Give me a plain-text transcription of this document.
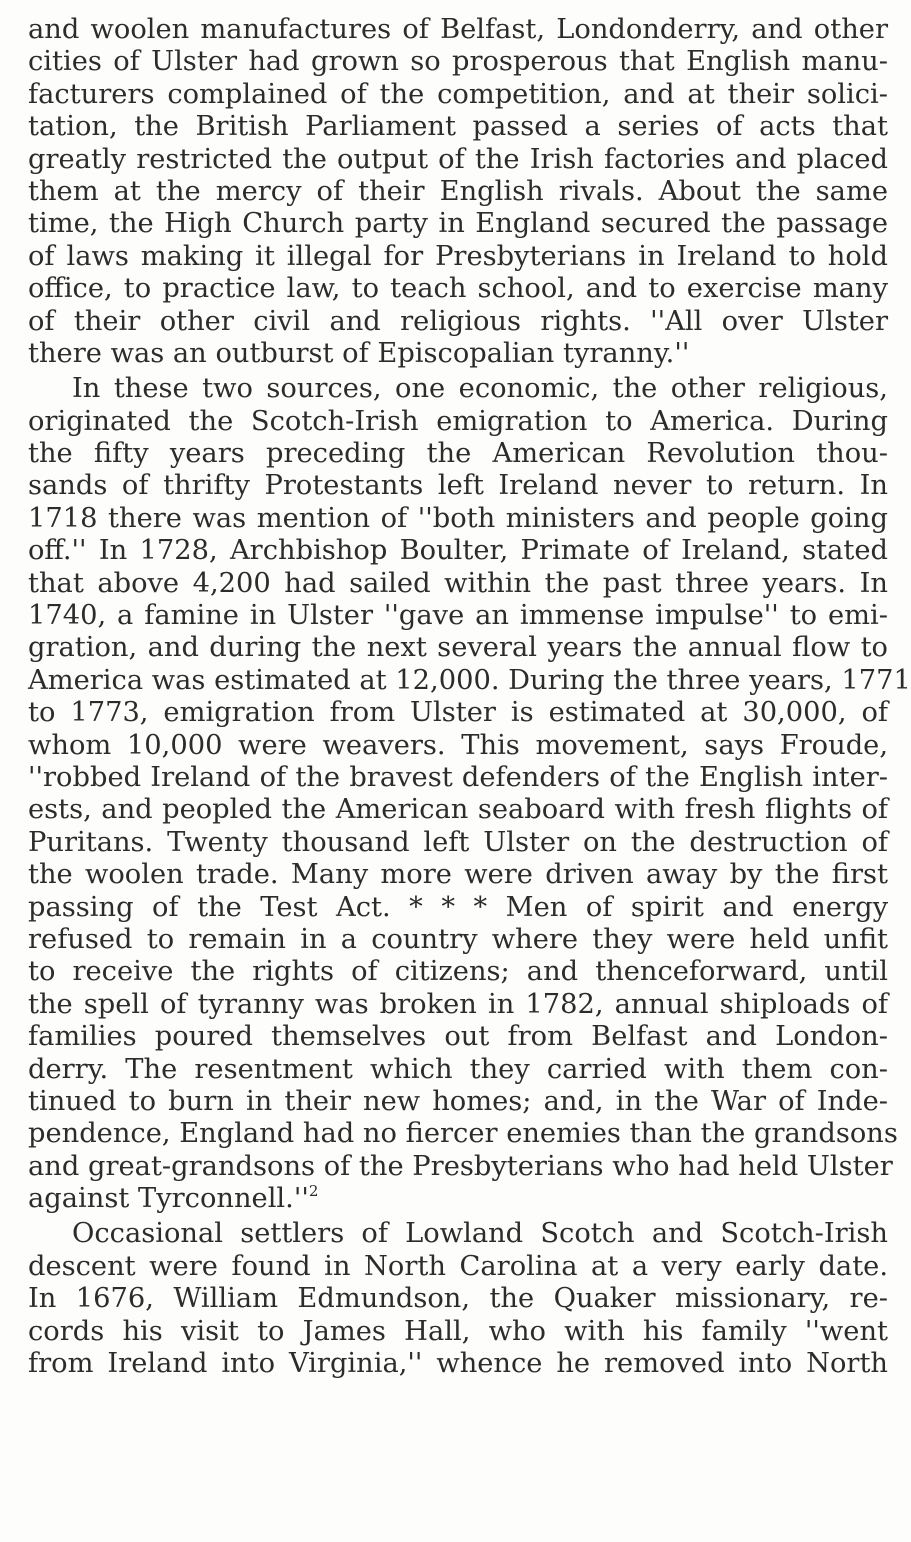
and woolen manufactures of Belfast, Londonderry, and other
cities of Ulster had grown so prosperous that English manu-
facturers complained of the competition, and at their solici-
tation, the British Parliament passed a series of acts that
greatly restricted the output of the Irish factories and placed
them at the mercy of their English rivals. About the same
time, the High Church party in England secured the passage
of laws making it illegal for Presbyterians in Ireland to hold
office, to practice law, to teach school, and to exercise many
of their other civil and religious rights. ''All over Ulster
there was an outburst of Episcopalian tyranny.''
In these two sources, one economic, the other religious,
originated the Scotch-Irish emigration to America. During
the fifty years preceding the American Revolution thou-
sands of thrifty Protestants left Ireland never to return. In
1718 there was mention of ''both ministers and people going
off.'' In 1728, Archbishop Boulter, Primate of Ireland, stated
that above 4,200 had sailed within the past three years. In
1740, a famine in Ulster ''gave an immense impulse'' to emi-
gration, and during the next several years the annual flow to
America was estimated at 12,000. During the three years, 1771
to 1773, emigration from Ulster is estimated at 30,000, of
whom 10,000 were weavers. This movement, says Froude,
''robbed Ireland of the bravest defenders of the English inter-
ests, and peopled the American seaboard with fresh flights of
Puritans. Twenty thousand left Ulster on the destruction of
the woolen trade. Many more were driven away by the first
passing of the Test Act. * * * Men of spirit and energy
refused to remain in a country where they were held unfit
to receive the rights of citizens; and thenceforward, until
the spell of tyranny was broken in 1782, annual shiploads of
families poured themselves out from Belfast and London-
derry. The resentment which they carried with them con-
tinued to burn in their new homes; and, in the War of Inde-
pendence, England had no fiercer enemies than the grandsons
and great-grandsons of the Presbyterians who had held Ulster
against Tyrconnell.''$^2$
Occasional settlers of Lowland Scotch and Scotch-Irish
descent were found in North Carolina at a very early date.
In 1676, William Edmundson, the Quaker missionary, re-
cords his visit to James Hall, who with his family ''went
from Ireland into Virginia,'' whence he removed into North
